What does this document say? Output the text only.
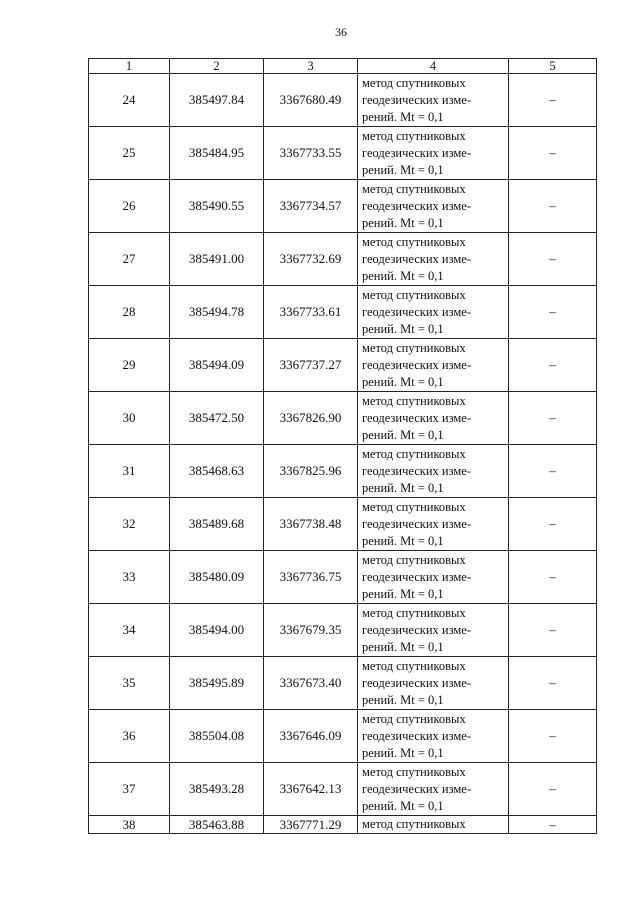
36
1	2	3	4	5
24	385497.84	3367680.49	метод спутниковых
геодезических изме-
рений. Mt = 0,1	–
25	385484.95	3367733.55	метод спутниковых
геодезических изме-
рений. Mt = 0,1	–
26	385490.55	3367734.57	метод спутниковых
геодезических изме-
рений. Mt = 0,1	–
27	385491.00	3367732.69	метод спутниковых
геодезических изме-
рений. Mt = 0,1	–
28	385494.78	3367733.61	метод спутниковых
геодезических изме-
рений. Mt = 0,1	–
29	385494.09	3367737.27	метод спутниковых
геодезических изме-
рений. Mt = 0,1	–
30	385472.50	3367826.90	метод спутниковых
геодезических изме-
рений. Mt = 0,1	–
31	385468.63	3367825.96	метод спутниковых
геодезических изме-
рений. Mt = 0,1	–
32	385489.68	3367738.48	метод спутниковых
геодезических изме-
рений. Mt = 0,1	–
33	385480.09	3367736.75	метод спутниковых
геодезических изме-
рений. Mt = 0,1	–
34	385494.00	3367679.35	метод спутниковых
геодезических изме-
рений. Mt = 0,1	–
35	385495.89	3367673.40	метод спутниковых
геодезических изме-
рений. Mt = 0,1	–
36	385504.08	3367646.09	метод спутниковых
геодезических изме-
рений. Mt = 0,1	–
37	385493.28	3367642.13	метод спутниковых
геодезических изме-
рений. Mt = 0,1	–
38	385463.88	3367771.29	метод спутниковых	–
